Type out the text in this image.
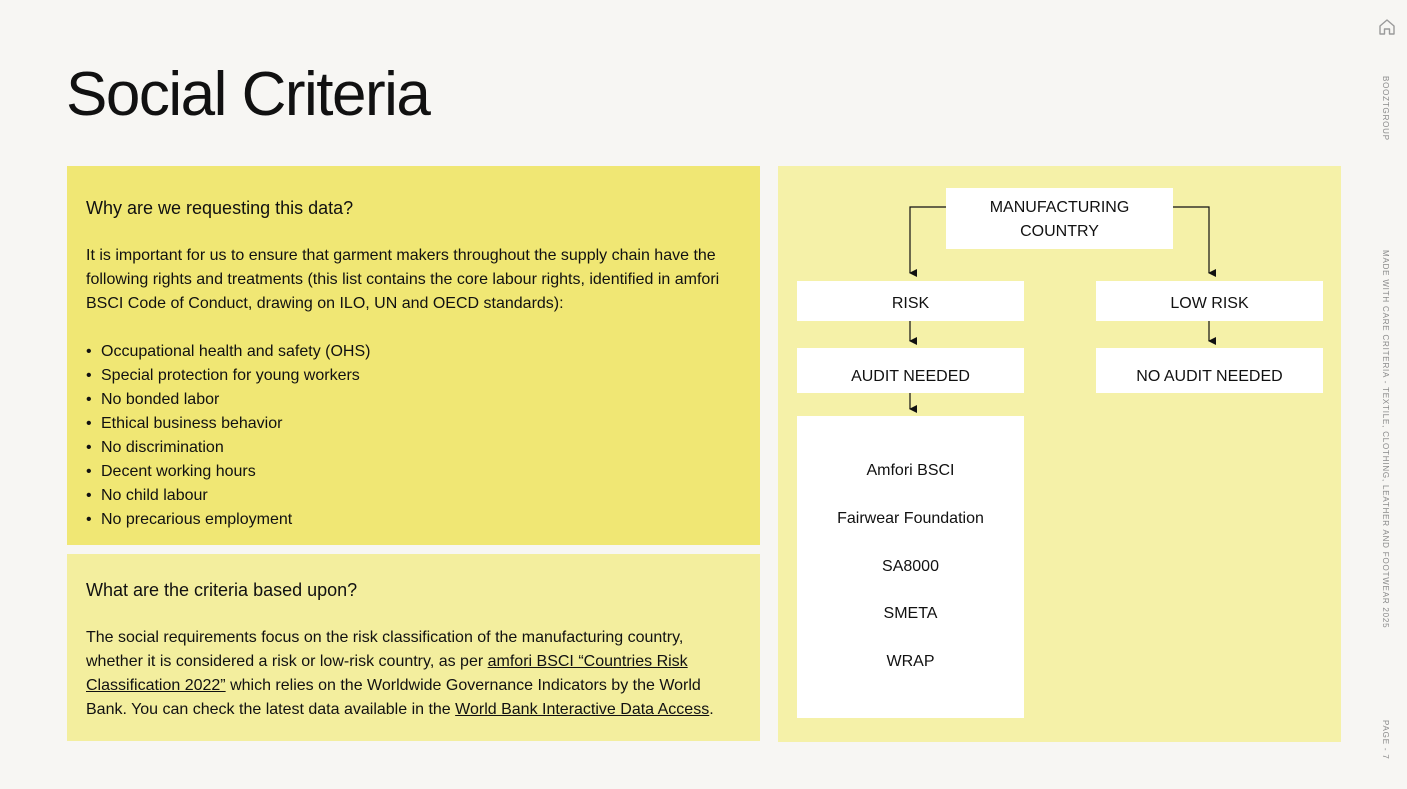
Social Criteria	BOOZTGROUP
MADE WITH CARE CRITERIA - TEXTILE, CLOTHING, LEATHER AND FOOTWEAR 2025
PAGE - 7
Why are we requesting this data?

It is important for us to ensure that garment makers throughout the supply chain have the following rights and treatments (this list contains the core labour rights, identified in amfori BSCI Code of Conduct, drawing on ILO, UN and OECD standards):

• Occupational health and safety (OHS)
• Special protection for young workers
• No bonded labor
• Ethical business behavior
• No discrimination
• Decent working hours
• No child labour
• No precarious employment
What are the criteria based upon?

The social requirements focus on the risk classification of the manufacturing country, whether it is considered a risk or low-risk country, as per amfori BSCI “Countries Risk Classification 2022” which relies on the Worldwide Governance Indicators by the World Bank. You can check the latest data available in the World Bank Interactive Data Access.

MANUFACTURING COUNTRY
RISK	LOW RISK
AUDIT NEEDED	NO AUDIT NEEDED
Amfori BSCI
Fairwear Foundation
SA8000
SMETA
WRAP
